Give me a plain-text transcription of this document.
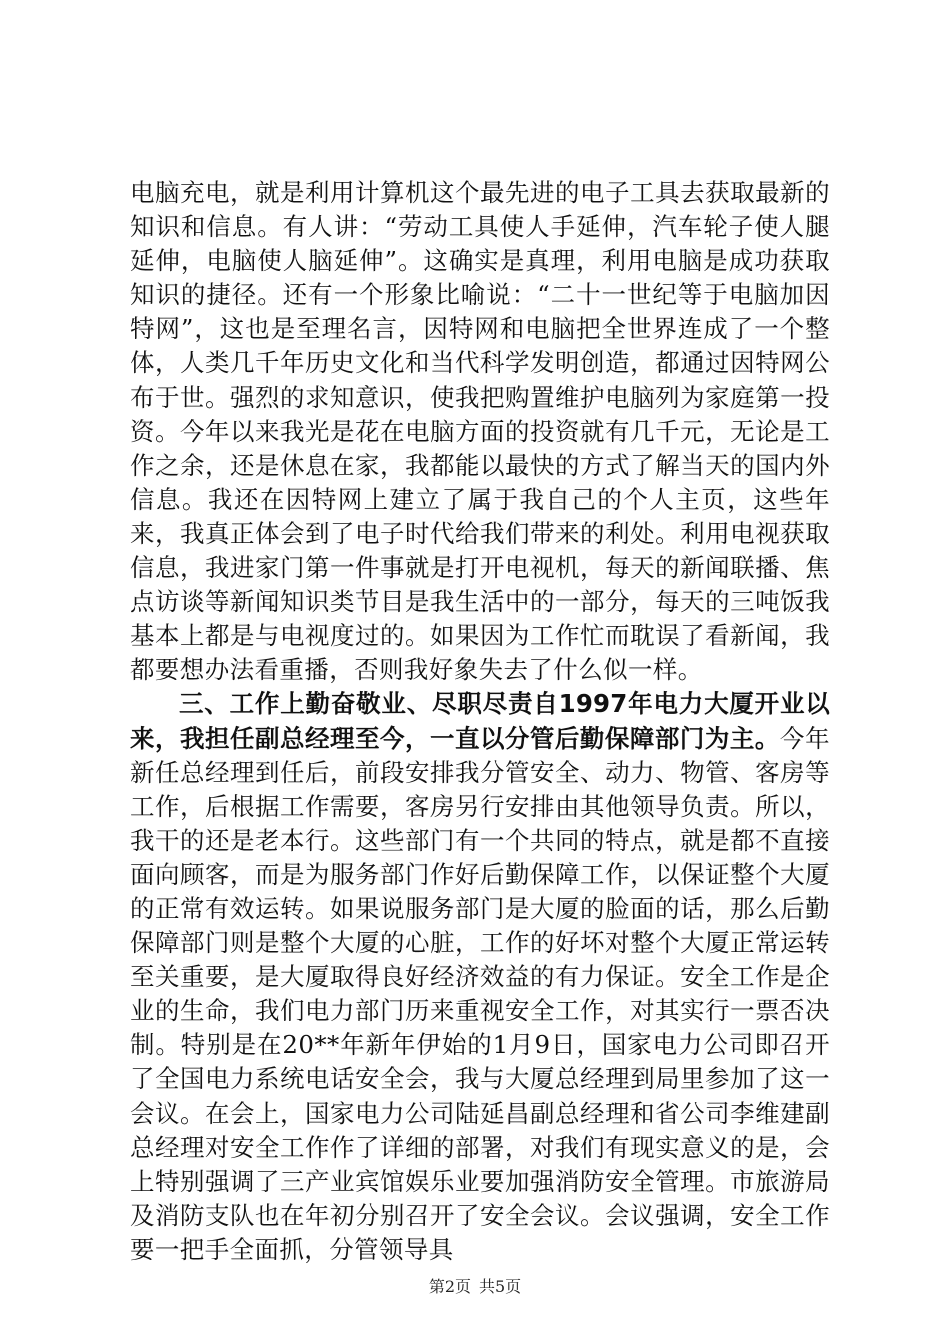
电脑充电，就是利用计算机这个最先进的电子工具去获取最新的知识和信息。有人讲：“劳动工具使人手延伸，汽车轮子使人腿延伸，电脑使人脑延伸”。这确实是真理，利用电脑是成功获取知识的捷径。还有一个形象比喻说：“二十一世纪等于电脑加因特网”，这也是至理名言，因特网和电脑把全世界连成了一个整体，人类几千年历史文化和当代科学发明创造，都通过因特网公布于世。强烈的求知意识，使我把购置维护电脑列为家庭第一投资。今年以来我光是花在电脑方面的投资就有几千元，无论是工作之余，还是休息在家，我都能以最快的方式了解当天的国内外信息。我还在因特网上建立了属于我自己的个人主页，这些年来，我真正体会到了电子时代给我们带来的利处。利用电视获取信息，我进家门第一件事就是打开电视机，每天的新闻联播、焦点访谈等新闻知识类节目是我生活中的一部分，每天的三吨饭我基本上都是与电视度过的。如果因为工作忙而耽误了看新闻，我都要想办法看重播，否则我好象失去了什么似一样。

三、工作上勤奋敬业、尽职尽责自1997年电力大厦开业以来，我担任副总经理至今，一直以分管后勤保障部门为主。今年新任总经理到任后，前段安排我分管安全、动力、物管、客房等工作，后根据工作需要，客房另行安排由其他领导负责。所以，我干的还是老本行。这些部门有一个共同的特点，就是都不直接面向顾客，而是为服务部门作好后勤保障工作，以保证整个大厦的正常有效运转。如果说服务部门是大厦的脸面的话，那么后勤保障部门则是整个大厦的心脏，工作的好坏对整个大厦正常运转至关重要，是大厦取得良好经济效益的有力保证。安全工作是企业的生命，我们电力部门历来重视安全工作，对其实行一票否决制。特别是在20**年新年伊始的1月9日，国家电力公司即召开了全国电力系统电话安全会，我与大厦总经理到局里参加了这一会议。在会上，国家电力公司陆延昌副总经理和省公司李维建副总经理对安全工作作了详细的部署，对我们有现实意义的是，会上特别强调了三产业宾馆娱乐业要加强消防安全管理。市旅游局及消防支队也在年初分别召开了安全会议。会议强调，安全工作要一把手全面抓，分管领导具

第2页 共5页
